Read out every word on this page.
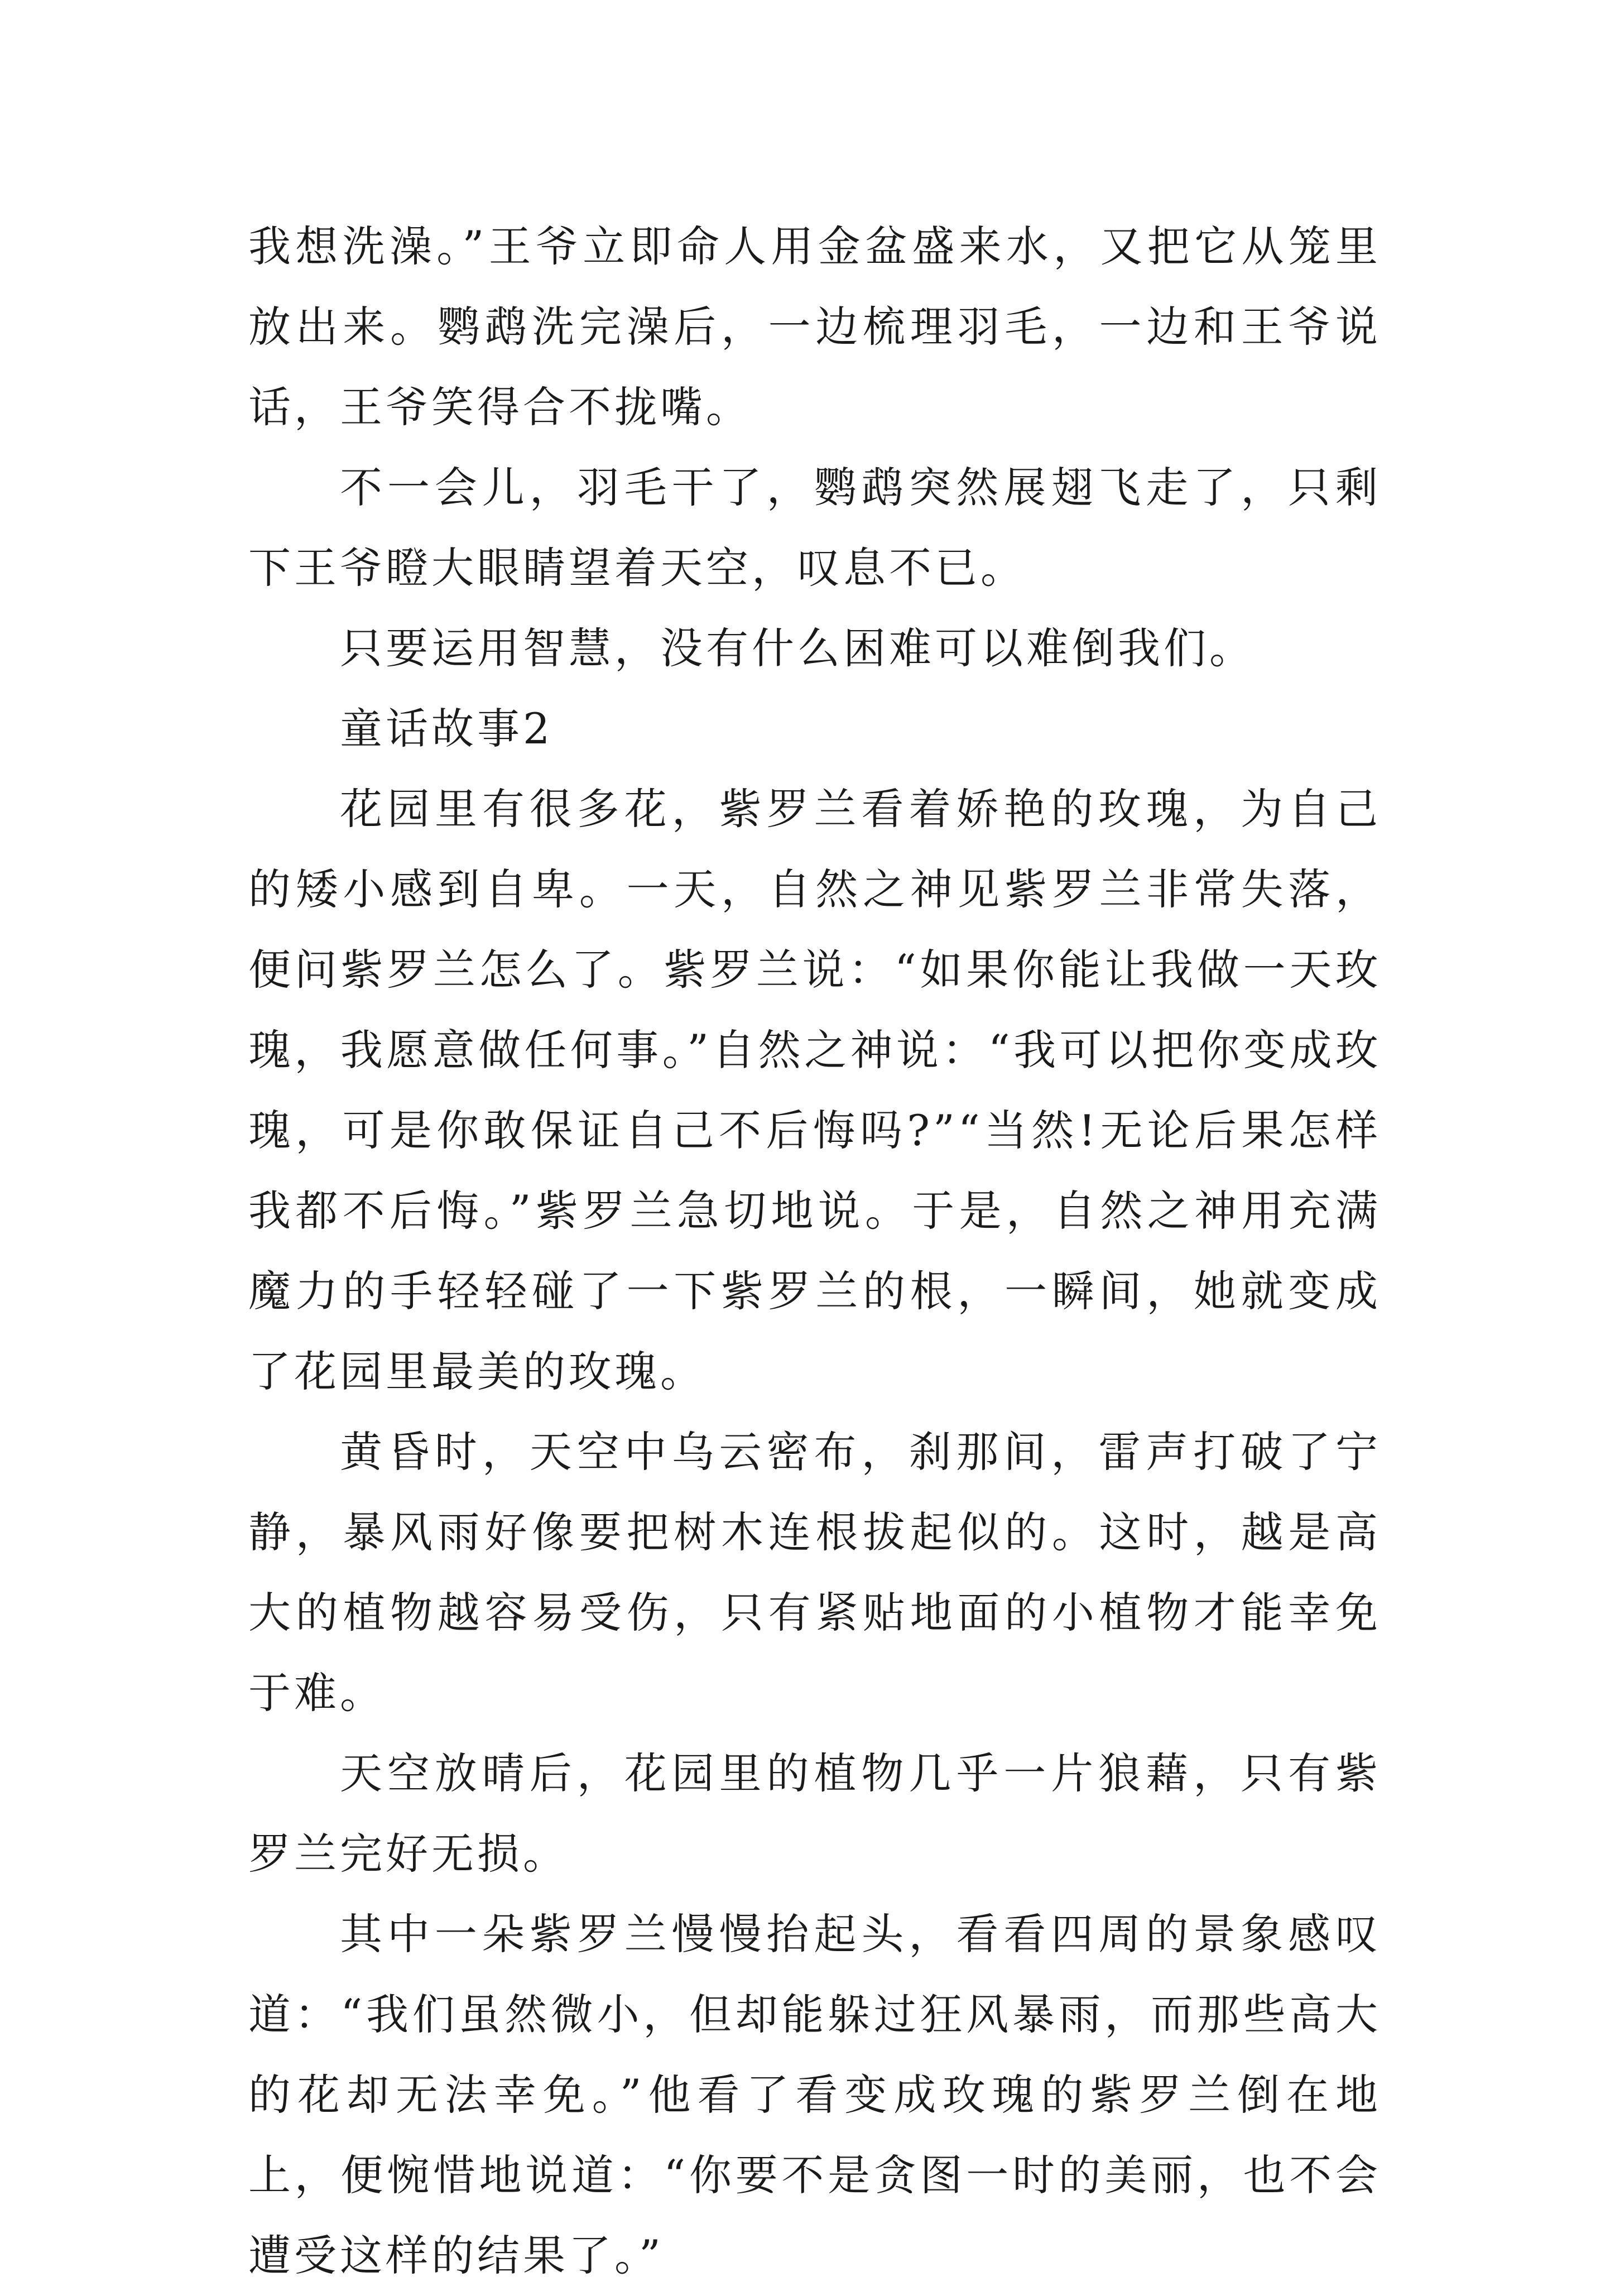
我想洗澡。”王爷立即命人用金盆盛来水，又把它从笼里放出来。鹦鹉洗完澡后，一边梳理羽毛，一边和王爷说话，王爷笑得合不拢嘴。

不一会儿，羽毛干了，鹦鹉突然展翅飞走了，只剩下王爷瞪大眼睛望着天空，叹息不已。

只要运用智慧，没有什么困难可以难倒我们。

童话故事2

花园里有很多花，紫罗兰看着娇艳的玫瑰，为自己的矮小感到自卑。一天，自然之神见紫罗兰非常失落，便问紫罗兰怎么了。紫罗兰说：“如果你能让我做一天玫瑰，我愿意做任何事。”自然之神说：“我可以把你变成玫瑰，可是你敢保证自己不后悔吗?”“当然!无论后果怎样我都不后悔。”紫罗兰急切地说。于是，自然之神用充满魔力的手轻轻碰了一下紫罗兰的根，一瞬间，她就变成了花园里最美的玫瑰。

黄昏时，天空中乌云密布，刹那间，雷声打破了宁静，暴风雨好像要把树木连根拔起似的。这时，越是高大的植物越容易受伤，只有紧贴地面的小植物才能幸免于难。

天空放晴后，花园里的植物几乎一片狼藉，只有紫罗兰完好无损。

其中一朵紫罗兰慢慢抬起头，看看四周的景象感叹道：“我们虽然微小，但却能躲过狂风暴雨，而那些高大的花却无法幸免。”他看了看变成玫瑰的紫罗兰倒在地上，便惋惜地说道：“你要不是贪图一时的美丽，也不会遭受这样的结果了。”
